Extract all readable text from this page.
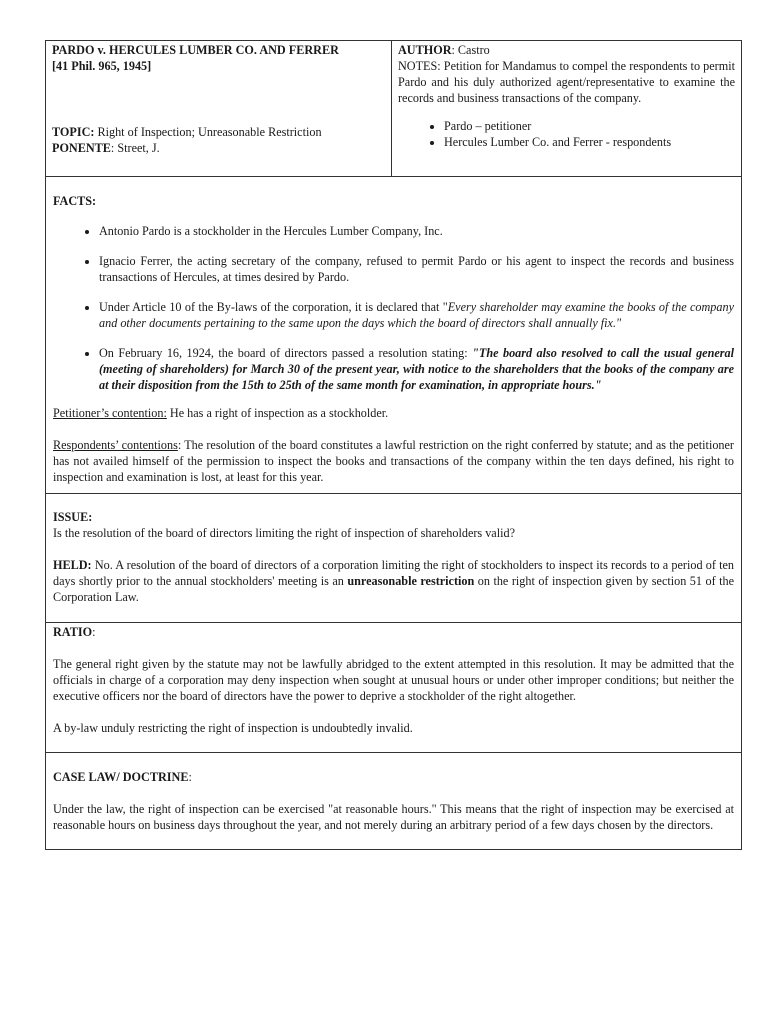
PARDO v. HERCULES LUMBER CO. AND FERRER
[41 Phil. 965, 1945]
TOPIC: Right of Inspection; Unreasonable Restriction
PONENTE: Street, J.
AUTHOR: Castro

NOTES: Petition for Mandamus to compel the respondents to permit Pardo and his duly authorized agent/representative to examine the records and business transactions of the company.

• Pardo – petitioner
• Hercules Lumber Co. and Ferrer - respondents
FACTS:
• Antonio Pardo is a stockholder in the Hercules Lumber Company, Inc.
• Ignacio Ferrer, the acting secretary of the company, refused to permit Pardo or his agent to inspect the records and business transactions of Hercules, at times desired by Pardo.
• Under Article 10 of the By-laws of the corporation, it is declared that "Every shareholder may examine the books of the company and other documents pertaining to the same upon the days which the board of directors shall annually fix."
• On February 16, 1924, the board of directors passed a resolution stating: "The board also resolved to call the usual general (meeting of shareholders) for March 30 of the present year, with notice to the shareholders that the books of the company are at their disposition from the 15th to 25th of the same month for examination, in appropriate hours."

Petitioner’s contention: He has a right of inspection as a stockholder.

Respondents’ contentions: The resolution of the board constitutes a lawful restriction on the right conferred by statute; and as the petitioner has not availed himself of the permission to inspect the books and transactions of the company within the ten days defined, his right to inspection and examination is lost, at least for this year.

ISSUE:

Is the resolution of the board of directors limiting the right of inspection of shareholders valid?

HELD: No. A resolution of the board of directors of a corporation limiting the right of stockholders to inspect its records to a period of ten days shortly prior to the annual stockholders' meeting is an unreasonable restriction on the right of inspection given by section 51 of the Corporation Law.

RATIO:

The general right given by the statute may not be lawfully abridged to the extent attempted in this resolution. It may be admitted that the officials in charge of a corporation may deny inspection when sought at unusual hours or under other improper conditions; but neither the executive officers nor the board of directors have the power to deprive a stockholder of the right altogether.

A by-law unduly restricting the right of inspection is undoubtedly invalid.

CASE LAW/ DOCTRINE:

Under the law, the right of inspection can be exercised "at reasonable hours." This means that the right of inspection may be exercised at reasonable hours on business days throughout the year, and not merely during an arbitrary period of a few days chosen by the directors.
